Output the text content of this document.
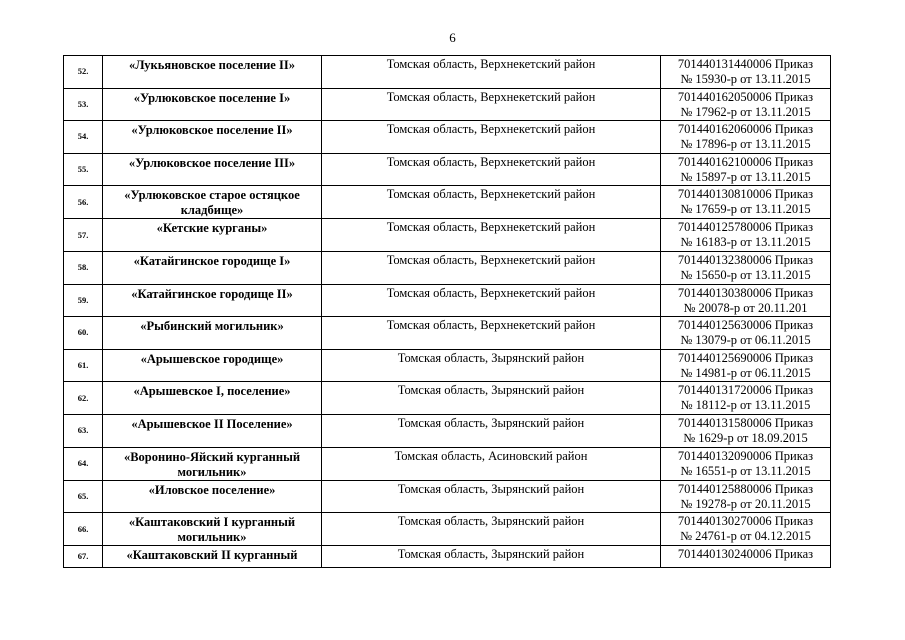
6
52.	«Лукьяновское поселение II»	Томская область, Верхнекетский район	701440131440006 Приказ
№ 15930-р от 13.11.2015

53.	«Урлюковское поселение I»	Томская область, Верхнекетский район	701440162050006 Приказ
№ 17962-р от 13.11.2015

54.	«Урлюковское поселение II»	Томская область, Верхнекетский район	701440162060006 Приказ
№ 17896-р от 13.11.2015

55.	«Урлюковское поселение III»	Томская область, Верхнекетский район	701440162100006 Приказ
№ 15897-р от 13.11.2015

56.	«Урлюковское старое остяцкое кладбище»	Томская область, Верхнекетский район	701440130810006 Приказ
№ 17659-р от 13.11.2015

57.	«Кетские курганы»	Томская область, Верхнекетский район	701440125780006 Приказ
№ 16183-р от 13.11.2015

58.	«Катайгинское городище I»	Томская область, Верхнекетский район	701440132380006 Приказ
№ 15650-р от 13.11.2015

59.	«Катайгинское городище II»	Томская область, Верхнекетский район	701440130380006 Приказ
№ 20078-р от 20.11.201

60.	«Рыбинский могильник»	Томская область, Верхнекетский район	701440125630006 Приказ
№ 13079-р от 06.11.2015

61.	«Арышевское городище»	Томская область, Зырянский район	701440125690006 Приказ
№ 14981-р от 06.11.2015

62.	«Арышевское I, поселение»	Томская область, Зырянский район	701440131720006 Приказ
№ 18112-р от 13.11.2015

63.	«Арышевское II Поселение»	Томская область, Зырянский район	701440131580006 Приказ
№ 1629-р от 18.09.2015

64.	«Воронино-Яйский курганный могильник»	Томская область, Асиновский район	701440132090006 Приказ
№ 16551-р от 13.11.2015

65.	«Иловское поселение»	Томская область, Зырянский район	701440125880006 Приказ
№ 19278-р от 20.11.2015

66.	«Каштаковский I курганный могильник»	Томская область, Зырянский район	701440130270006 Приказ
№ 24761-р от 04.12.2015

67.	«Каштаковский II курганный	Томская область, Зырянский район	701440130240006 Приказ
